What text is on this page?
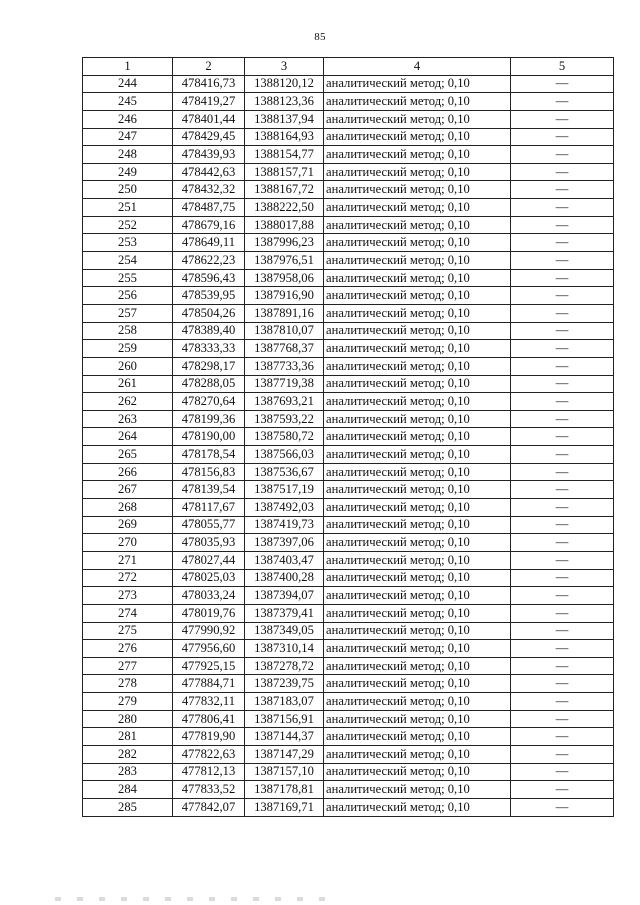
85
1	2	3	4	5
244	478416,73	1388120,12	аналитический метод; 0,10	—
245	478419,27	1388123,36	аналитический метод; 0,10	—
246	478401,44	1388137,94	аналитический метод; 0,10	—
247	478429,45	1388164,93	аналитический метод; 0,10	—
248	478439,93	1388154,77	аналитический метод; 0,10	—
249	478442,63	1388157,71	аналитический метод; 0,10	—
250	478432,32	1388167,72	аналитический метод; 0,10	—
251	478487,75	1388222,50	аналитический метод; 0,10	—
252	478679,16	1388017,88	аналитический метод; 0,10	—
253	478649,11	1387996,23	аналитический метод; 0,10	—
254	478622,23	1387976,51	аналитический метод; 0,10	—
255	478596,43	1387958,06	аналитический метод; 0,10	—
256	478539,95	1387916,90	аналитический метод; 0,10	—
257	478504,26	1387891,16	аналитический метод; 0,10	—
258	478389,40	1387810,07	аналитический метод; 0,10	—
259	478333,33	1387768,37	аналитический метод; 0,10	—
260	478298,17	1387733,36	аналитический метод; 0,10	—
261	478288,05	1387719,38	аналитический метод; 0,10	—
262	478270,64	1387693,21	аналитический метод; 0,10	—
263	478199,36	1387593,22	аналитический метод; 0,10	—
264	478190,00	1387580,72	аналитический метод; 0,10	—
265	478178,54	1387566,03	аналитический метод; 0,10	—
266	478156,83	1387536,67	аналитический метод; 0,10	—
267	478139,54	1387517,19	аналитический метод; 0,10	—
268	478117,67	1387492,03	аналитический метод; 0,10	—
269	478055,77	1387419,73	аналитический метод; 0,10	—
270	478035,93	1387397,06	аналитический метод; 0,10	—
271	478027,44	1387403,47	аналитический метод; 0,10	—
272	478025,03	1387400,28	аналитический метод; 0,10	—
273	478033,24	1387394,07	аналитический метод; 0,10	—
274	478019,76	1387379,41	аналитический метод; 0,10	—
275	477990,92	1387349,05	аналитический метод; 0,10	—
276	477956,60	1387310,14	аналитический метод; 0,10	—
277	477925,15	1387278,72	аналитический метод; 0,10	—
278	477884,71	1387239,75	аналитический метод; 0,10	—
279	477832,11	1387183,07	аналитический метод; 0,10	—
280	477806,41	1387156,91	аналитический метод; 0,10	—
281	477819,90	1387144,37	аналитический метод; 0,10	—
282	477822,63	1387147,29	аналитический метод; 0,10	—
283	477812,13	1387157,10	аналитический метод; 0,10	—
284	477833,52	1387178,81	аналитический метод; 0,10	—
285	477842,07	1387169,71	аналитический метод; 0,10	—
